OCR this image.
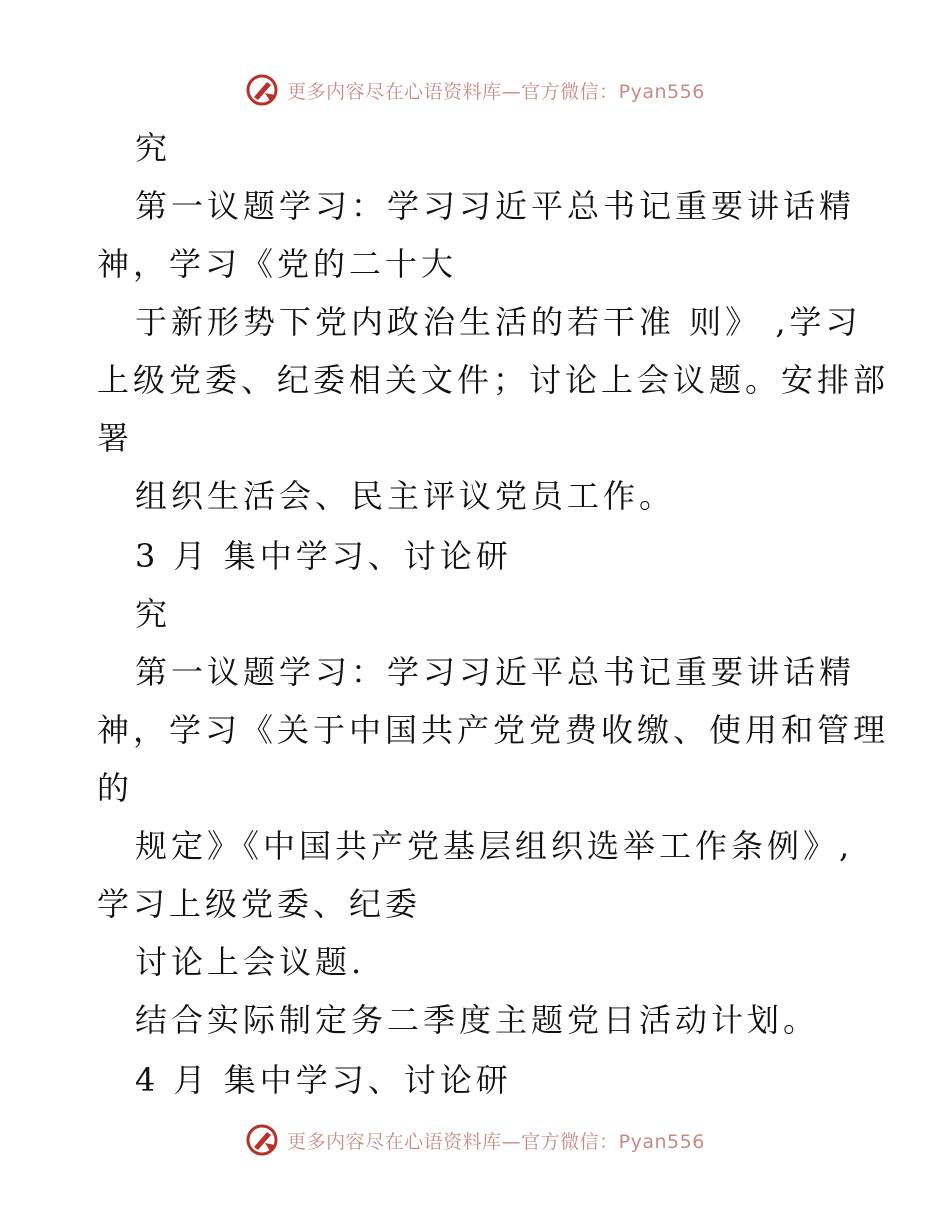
更多内容尽在心语资料库—官方微信：Pyan556
究
第一议题学习：学习习近平总书记重要讲话精
神，学习《党的二十大
于新形势下党内政治生活的若干准 则》 ,学习
上级党委、纪委相关文件；讨论上会议题。安排部
署
组织生活会、民主评议党员工作。
3 月 集中学习、讨论研
究
第一议题学习：学习习近平总书记重要讲话精
神，学习《关于中国共产党党费收缴、使用和管理
的
规定》《中国共产党基层组织选举工作条例》,
学习上级党委、纪委
讨论上会议题.
结合实际制定务二季度主题党日活动计划。
4 月 集中学习、讨论研
更多内容尽在心语资料库—官方微信：Pyan556
